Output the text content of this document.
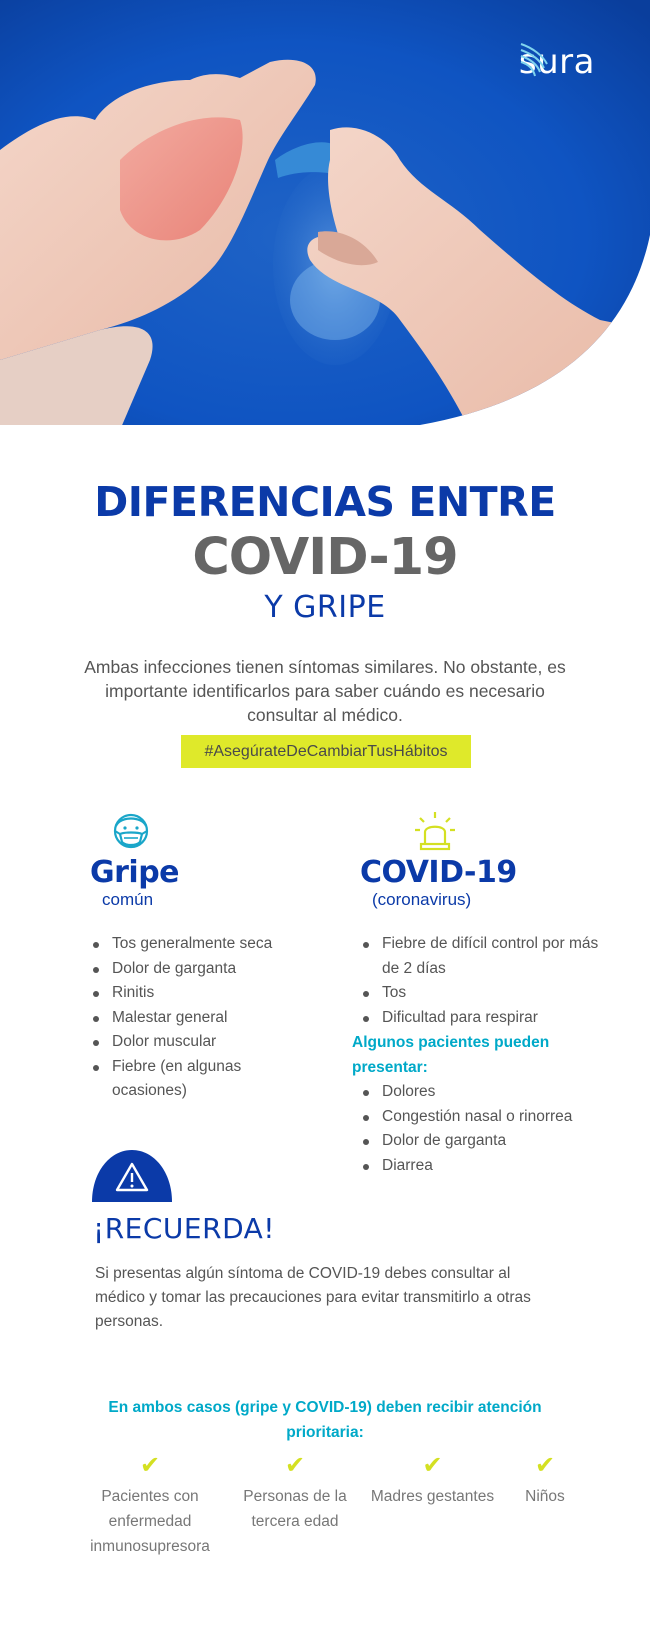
sura
DIFERENCIAS ENTRE
COVID-19
Y GRIPE

Ambas infecciones tienen síntomas similares. No obstante, es importante identificarlos para saber cuándo es necesario consultar al médico.

#AsegúrateDeCambiarTusHábitos
Gripe
común
Tos generalmente seca
Dolor de garganta
Rinitis
Malestar general
Dolor muscular
Fiebre (en algunas ocasiones)
COVID-19
(coronavirus)
Fiebre de difícil control por más de 2 días
Tos
Dificultad para respirar
Algunos pacientes pueden presentar:
Dolores
Congestión nasal o rinorrea
Dolor de garganta
Diarrea
¡RECUERDA!

Si presentas algún síntoma de COVID-19 debes consultar al médico y tomar las precauciones para evitar transmitirlo a otras personas.

En ambos casos (gripe y COVID-19) deben recibir atención prioritaria:
✔
Pacientes con enfermedad inmunosupresora
✔
Personas de la tercera edad
✔
Madres gestantes
✔
Niños
